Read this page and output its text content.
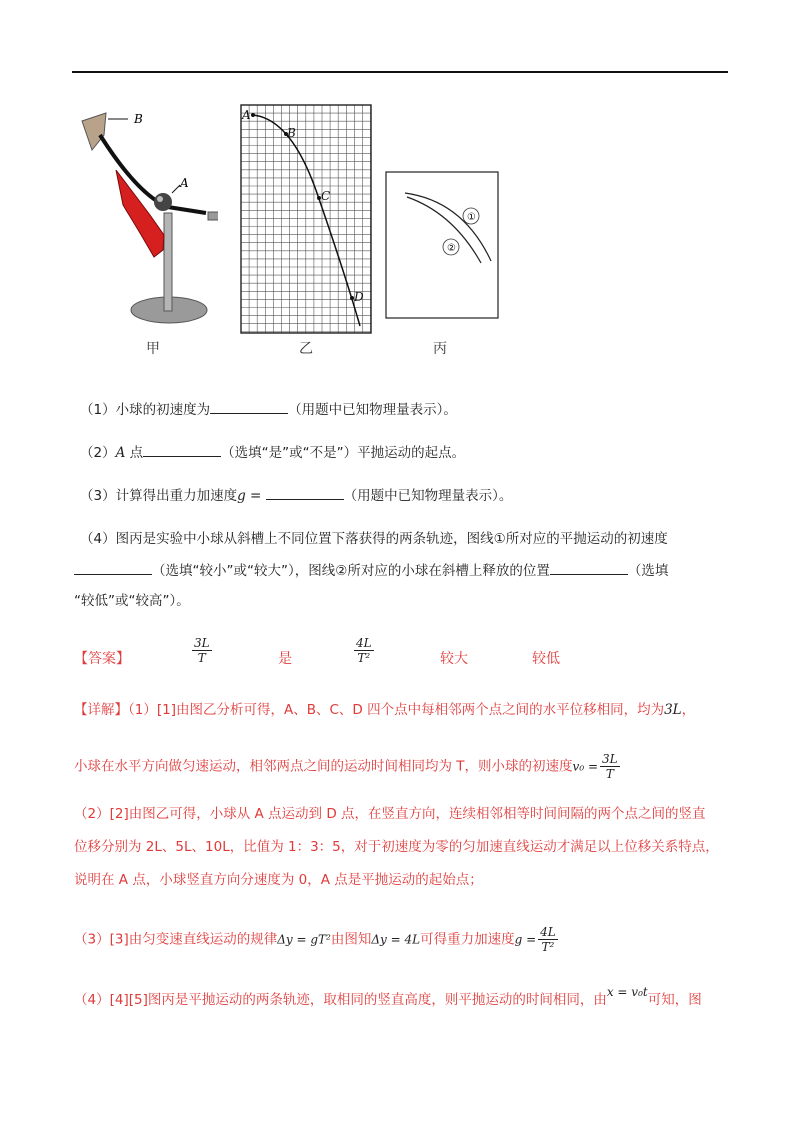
B
A
甲
A
B
C
D
乙
①
②
丙
（1）小球的初速度为	（用题中已知物理量表示）。
（2）A 点	（选填“是”或“不是”）平抛运动的起点。
（3）计算得出重力加速度g =	（用题中已知物理量表示）。
（4）图丙是实验中小球从斜槽上不同位置下落获得的两条轨迹，图线①所对应的平抛运动的初速度
（选填“较小”或“较大”），图线②所对应的小球在斜槽上释放的位置	（选填
“较低”或“较高”）。
【答案】	$\frac{3L}{T}$	是	$\frac{4L}{\text{T²}}$	较大	较低
【详解】（1）[1]由图乙分析可得，A、B、C、D 四个点中每相邻两个点之间的水平位移相同，均为3L，
小球在水平方向做匀速运动，相邻两点之间的运动时间相同均为 T，则小球的初速度$v_0 = \frac{3L}{T}$
（2）[2]由图乙可得，小球从 A 点运动到 D 点，在竖直方向，连续相邻相等时间间隔的两个点之间的竖直
位移分别为 2L、5L、10L，比值为 1：3：5，对于初速度为零的匀加速直线运动才满足以上位移关系特点，
说明在 A 点，小球竖直方向分速度为 0，A 点是平抛运动的起始点；
（3）[3]由匀变速直线运动的规律Δy = gT²由图知Δy = 4L可得重力加速度$g = \frac{4L}{\text{T²}}$
（4）[4][5]图丙是平抛运动的两条轨迹，取相同的竖直高度，则平抛运动的时间相同，由x = v₀t可知，图
